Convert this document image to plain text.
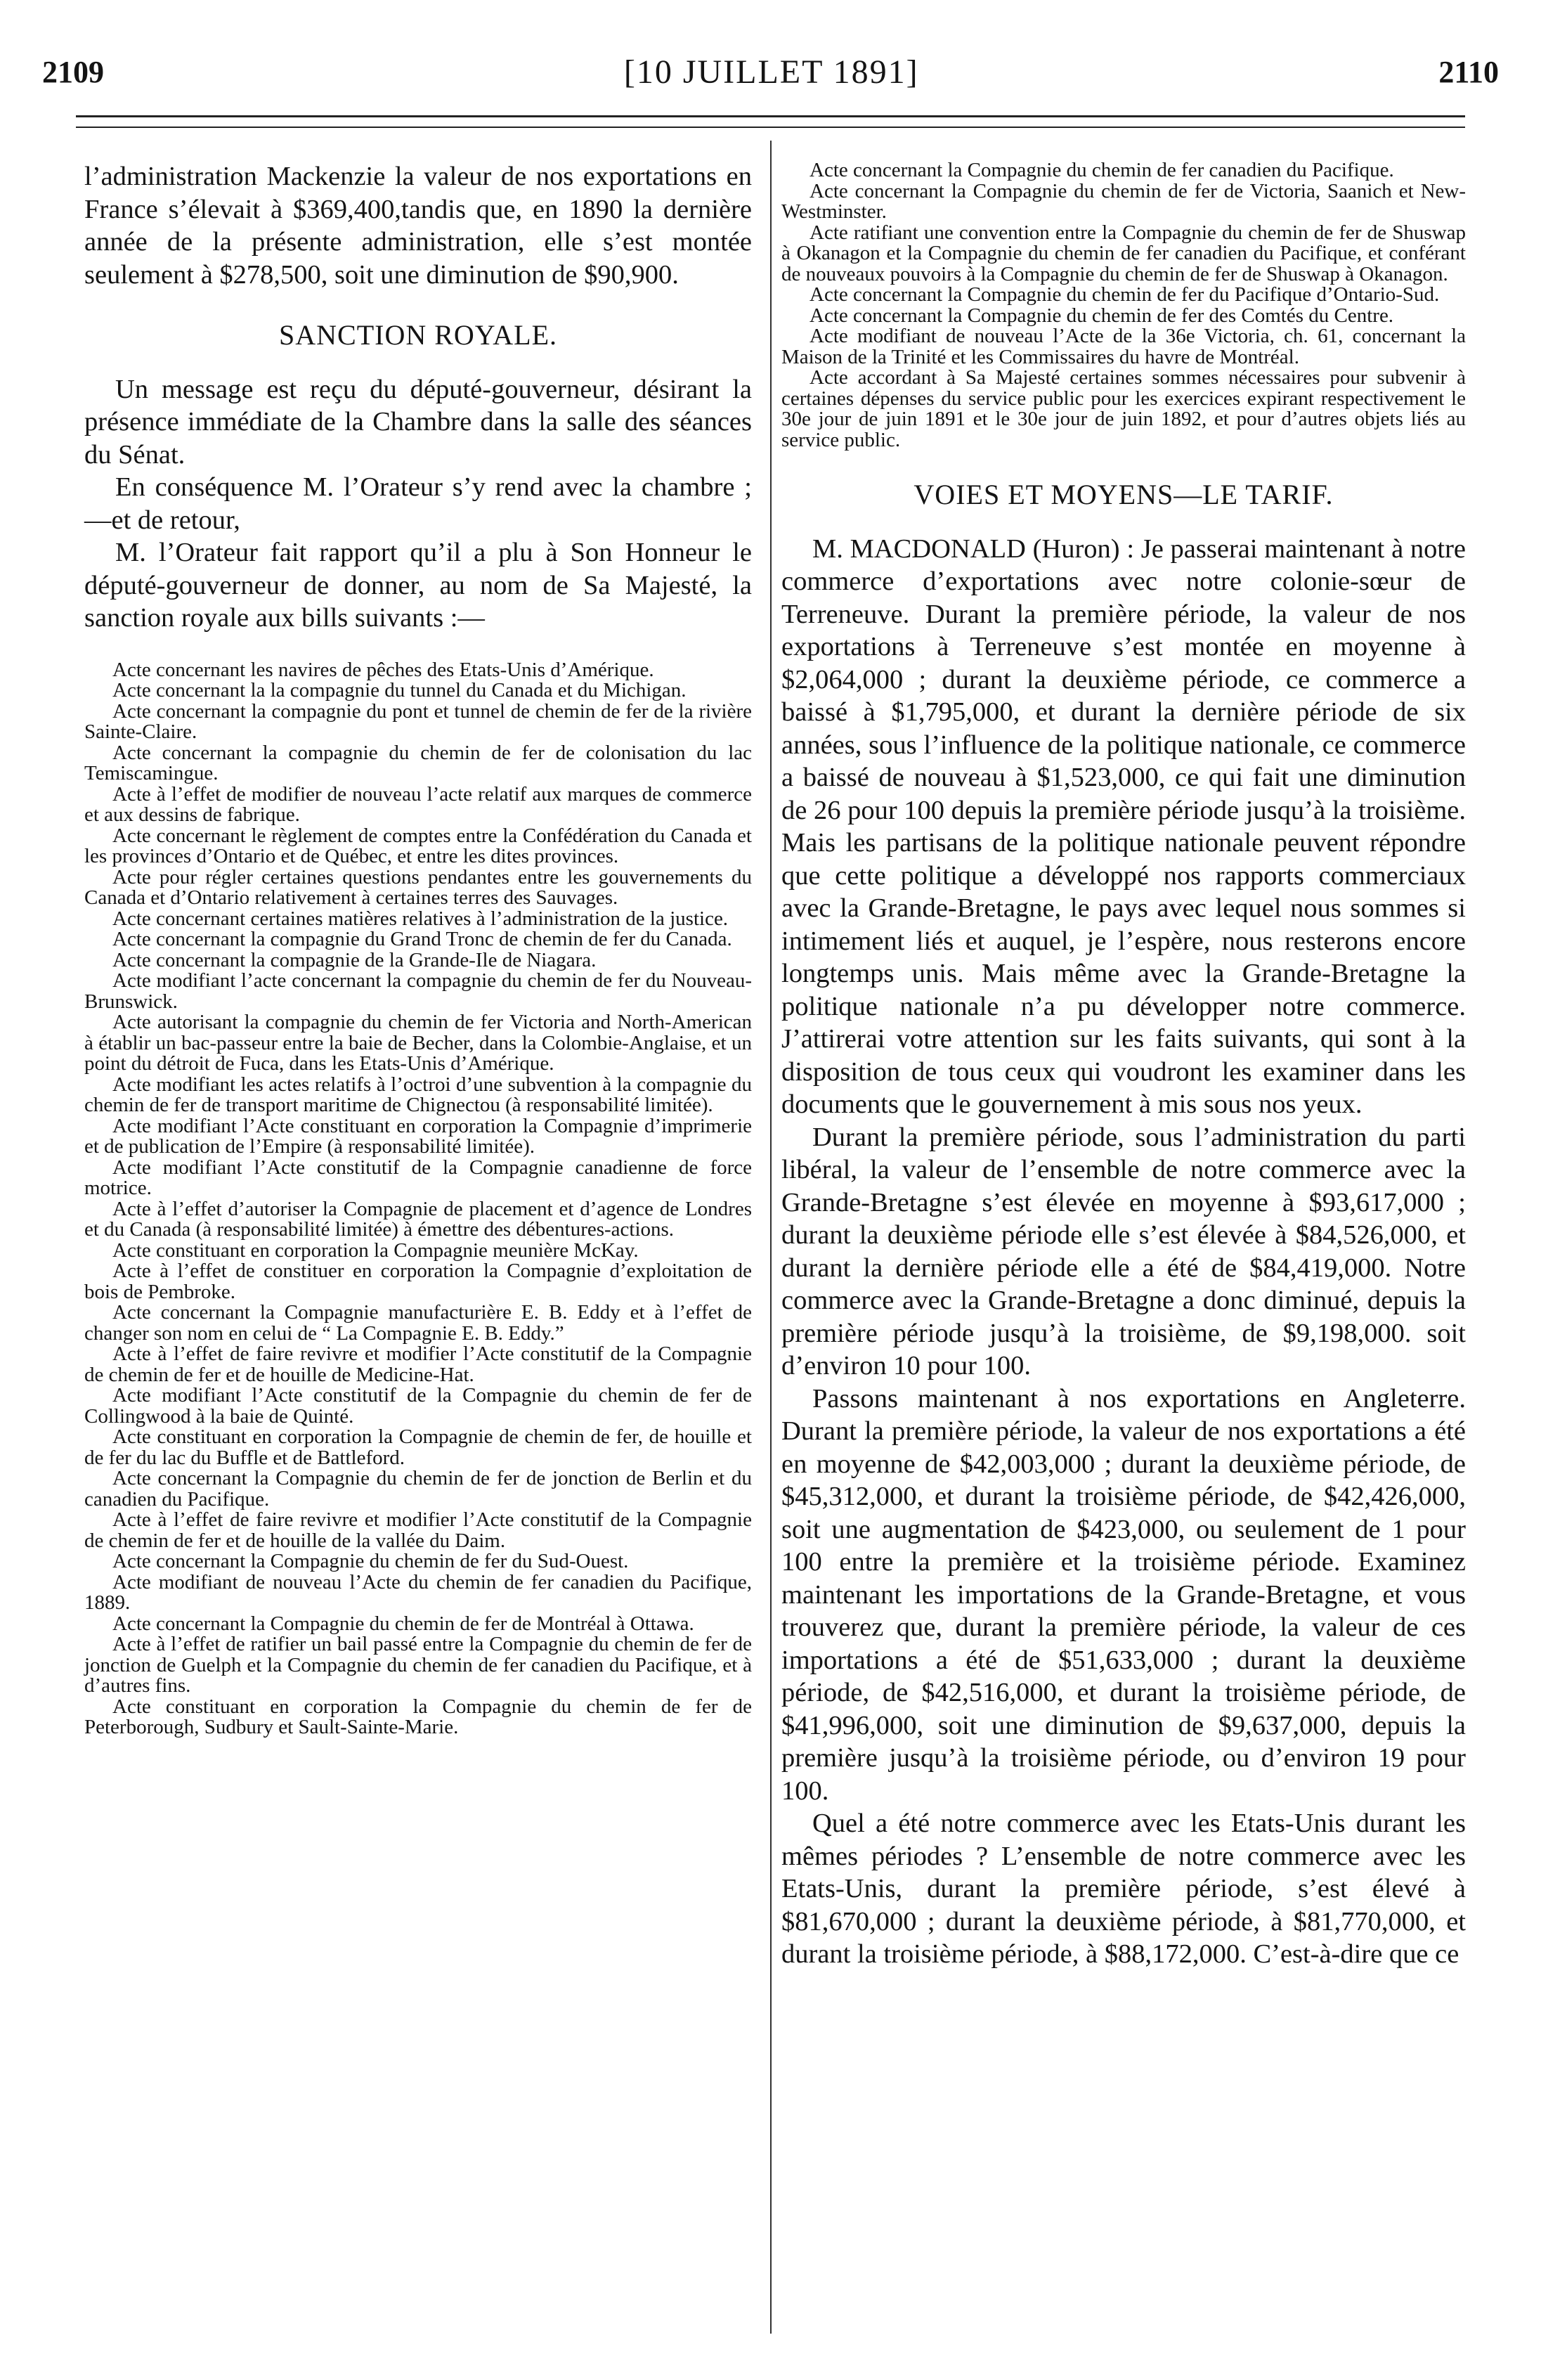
2109	[10 JUILLET 1891]	2110

l’administration Mackenzie la valeur de nos exportations en France s’élevait à $369,400,tandis que, en 1890 la dernière année de la présente administration, elle s’est montée seulement à $278,500, soit une diminution de $90,900.

SANCTION ROYALE.

Un message est reçu du député-gouverneur, désirant la présence immédiate de la Chambre dans la salle des séances du Sénat.

En conséquence M. l’Orateur s’y rend avec la chambre ;—et de retour,

M. l’Orateur fait rapport qu’il a plu à Son Honneur le député-gouverneur de donner, au nom de Sa Majesté, la sanction royale aux bills suivants :—

Acte concernant les navires de pêches des Etats-Unis d’Amérique.

Acte concernant la la compagnie du tunnel du Canada et du Michigan.

Acte concernant la compagnie du pont et tunnel de chemin de fer de la rivière Sainte-Claire.

Acte concernant la compagnie du chemin de fer de colonisation du lac Temiscamingue.

Acte à l’effet de modifier de nouveau l’acte relatif aux marques de commerce et aux dessins de fabrique.

Acte concernant le règlement de comptes entre la Confédération du Canada et les provinces d’Ontario et de Québec, et entre les dites provinces.

Acte pour régler certaines questions pendantes entre les gouvernements du Canada et d’Ontario relativement à certaines terres des Sauvages.

Acte concernant certaines matières relatives à l’administration de la justice.

Acte concernant la compagnie du Grand Tronc de chemin de fer du Canada.

Acte concernant la compagnie de la Grande-Ile de Niagara.

Acte modifiant l’acte concernant la compagnie du chemin de fer du Nouveau-Brunswick.

Acte autorisant la compagnie du chemin de fer Victoria and North-American à établir un bac-passeur entre la baie de Becher, dans la Colombie-Anglaise, et un point du détroit de Fuca, dans les Etats-Unis d’Amérique.

Acte modifiant les actes relatifs à l’octroi d’une subvention à la compagnie du chemin de fer de transport maritime de Chignectou (à responsabilité limitée).

Acte modifiant l’Acte constituant en corporation la Compagnie d’imprimerie et de publication de l’Empire (à responsabilité limitée).

Acte modifiant l’Acte constitutif de la Compagnie canadienne de force motrice.

Acte à l’effet d’autoriser la Compagnie de placement et d’agence de Londres et du Canada (à responsabilité limitée) à émettre des débentures-actions.

Acte constituant en corporation la Compagnie meunière McKay.

Acte à l’effet de constituer en corporation la Compagnie d’exploitation de bois de Pembroke.

Acte concernant la Compagnie manufacturière E. B. Eddy et à l’effet de changer son nom en celui de “ La Compagnie E. B. Eddy.”

Acte à l’effet de faire revivre et modifier l’Acte constitutif de la Compagnie de chemin de fer et de houille de Medicine-Hat.

Acte modifiant l’Acte constitutif de la Compagnie du chemin de fer de Collingwood à la baie de Quinté.

Acte constituant en corporation la Compagnie de chemin de fer, de houille et de fer du lac du Buffle et de Battleford.

Acte concernant la Compagnie du chemin de fer de jonction de Berlin et du canadien du Pacifique.

Acte à l’effet de faire revivre et modifier l’Acte constitutif de la Compagnie de chemin de fer et de houille de la vallée du Daim.

Acte concernant la Compagnie du chemin de fer du Sud-Ouest.

Acte modifiant de nouveau l’Acte du chemin de fer canadien du Pacifique, 1889.

Acte concernant la Compagnie du chemin de fer de Montréal à Ottawa.

Acte à l’effet de ratifier un bail passé entre la Compagnie du chemin de fer de jonction de Guelph et la Compagnie du chemin de fer canadien du Pacifique, et à d’autres fins.

Acte constituant en corporation la Compagnie du chemin de fer de Peterborough, Sudbury et Sault-Sainte-Marie.

Acte concernant la Compagnie du chemin de fer canadien du Pacifique.

Acte concernant la Compagnie du chemin de fer de Victoria, Saanich et New-Westminster.

Acte ratifiant une convention entre la Compagnie du chemin de fer de Shuswap à Okanagon et la Compagnie du chemin de fer canadien du Pacifique, et conférant de nouveaux pouvoirs à la Compagnie du chemin de fer de Shuswap à Okanagon.

Acte concernant la Compagnie du chemin de fer du Pacifique d’Ontario-Sud.

Acte concernant la Compagnie du chemin de fer des Comtés du Centre.

Acte modifiant de nouveau l’Acte de la 36e Victoria, ch. 61, concernant la Maison de la Trinité et les Commissaires du havre de Montréal.

Acte accordant à Sa Majesté certaines sommes nécessaires pour subvenir à certaines dépenses du service public pour les exercices expirant respectivement le 30e jour de juin 1891 et le 30e jour de juin 1892, et pour d’autres objets liés au service public.

VOIES ET MOYENS—LE TARIF.

M. MACDONALD (Huron) : Je passerai maintenant à notre commerce d’exportations avec notre colonie-sœur de Terreneuve. Durant la première période, la valeur de nos exportations à Terreneuve s’est montée en moyenne à $2,064,000 ; durant la deuxième période, ce commerce a baissé à $1,795,000, et durant la dernière période de six années, sous l’influence de la politique nationale, ce commerce a baissé de nouveau à $1,523,000, ce qui fait une diminution de 26 pour 100 depuis la première période jusqu’à la troisième. Mais les partisans de la politique nationale peuvent répondre que cette politique a développé nos rapports commerciaux avec la Grande-Bretagne, le pays avec lequel nous sommes si intimement liés et auquel, je l’espère, nous resterons encore longtemps unis. Mais même avec la Grande-Bretagne la politique nationale n’a pu développer notre commerce. J’attirerai votre attention sur les faits suivants, qui sont à la disposition de tous ceux qui voudront les examiner dans les documents que le gouvernement à mis sous nos yeux.

Durant la première période, sous l’administration du parti libéral, la valeur de l’ensemble de notre commerce avec la Grande-Bretagne s’est élevée en moyenne à $93,617,000 ; durant la deuxième période elle s’est élevée à $84,526,000, et durant la dernière période elle a été de $84,419,000. Notre commerce avec la Grande-Bretagne a donc diminué, depuis la première période jusqu’à la troisième, de $9,198,000. soit d’environ 10 pour 100.

Passons maintenant à nos exportations en Angleterre. Durant la première période, la valeur de nos exportations a été en moyenne de $42,003,000 ; durant la deuxième période, de $45,312,000, et durant la troisième période, de $42,426,000, soit une augmentation de $423,000, ou seulement de 1 pour 100 entre la première et la troisième période. Examinez maintenant les importations de la Grande-Bretagne, et vous trouverez que, durant la première période, la valeur de ces importations a été de $51,633,000 ; durant la deuxième période, de $42,516,000, et durant la troisième période, de $41,996,000, soit une diminution de $9,637,000, depuis la première jusqu’à la troisième période, ou d’environ 19 pour 100.

Quel a été notre commerce avec les Etats-Unis durant les mêmes périodes ? L’ensemble de notre commerce avec les Etats-Unis, durant la première période, s’est élevé à $81,670,000 ; durant la deuxième période, à $81,770,000, et durant la troisième période, à $88,172,000. C’est-à-dire que ce
